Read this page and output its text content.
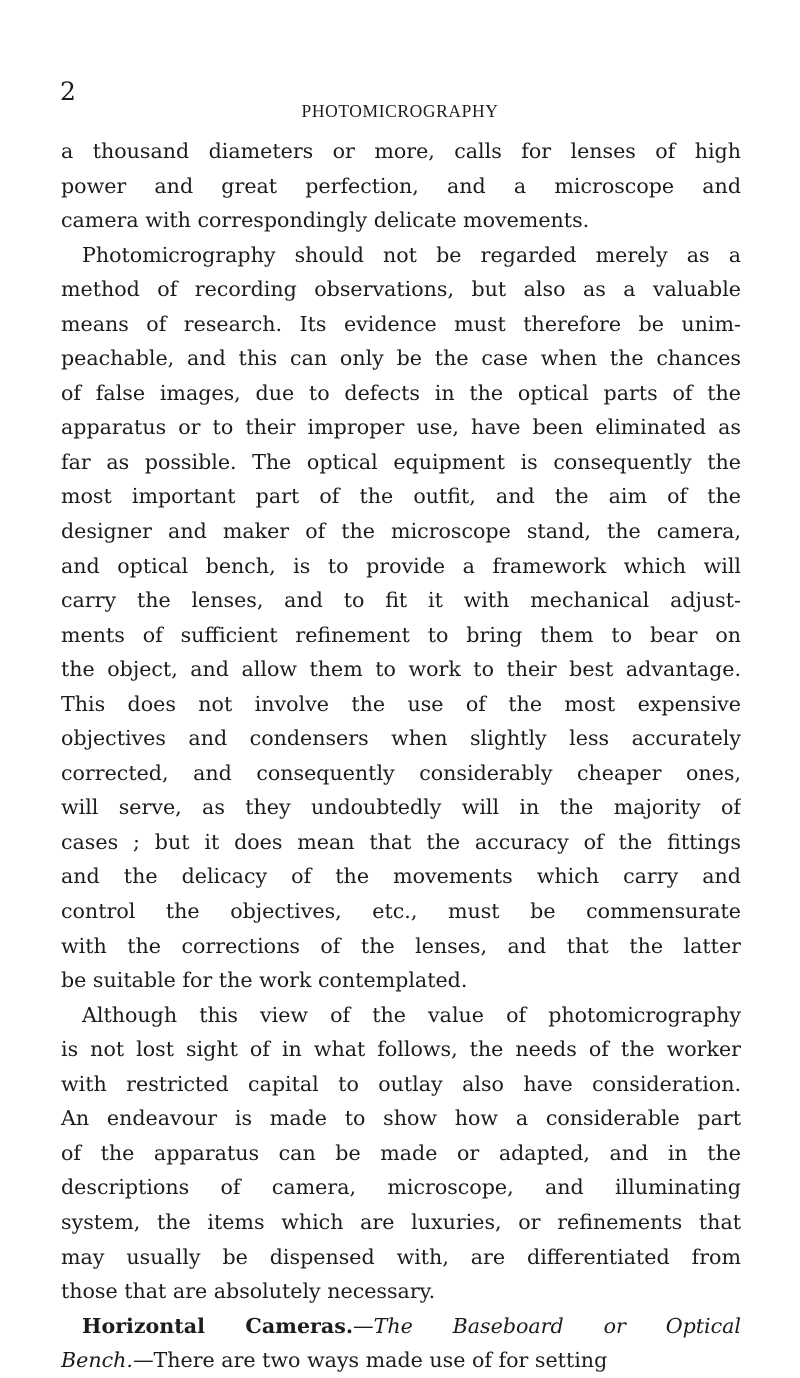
2
PHOTOMICROGRAPHY
a thousand diameters or more, calls for lenses of high
power and great perfection, and a microscope and
camera with correspondingly delicate movements.
Photomicrography should not be regarded merely as a
method of recording observations, but also as a valuable
means of research. Its evidence must therefore be unim-
peachable, and this can only be the case when the chances
of false images, due to defects in the optical parts of the
apparatus or to their improper use, have been eliminated as
far as possible. The optical equipment is consequently the
most important part of the outfit, and the aim of the
designer and maker of the microscope stand, the camera,
and optical bench, is to provide a framework which will
carry the lenses, and to fit it with mechanical adjust-
ments of sufficient refinement to bring them to bear on
the object, and allow them to work to their best advantage.
This does not involve the use of the most expensive
objectives and condensers when slightly less accurately
corrected, and consequently considerably cheaper ones,
will serve, as they undoubtedly will in the majority of
cases ; but it does mean that the accuracy of the fittings
and the delicacy of the movements which carry and
control the objectives, etc., must be commensurate
with the corrections of the lenses, and that the latter
be suitable for the work contemplated.
Although this view of the value of photomicrography
is not lost sight of in what follows, the needs of the worker
with restricted capital to outlay also have consideration.
An endeavour is made to show how a considerable part
of the apparatus can be made or adapted, and in the
descriptions of camera, microscope, and illuminating
system, the items which are luxuries, or refinements that
may usually be dispensed with, are differentiated from
those that are absolutely necessary.
Horizontal Cameras.—The Baseboard or Optical
Bench.—There are two ways made use of for setting
